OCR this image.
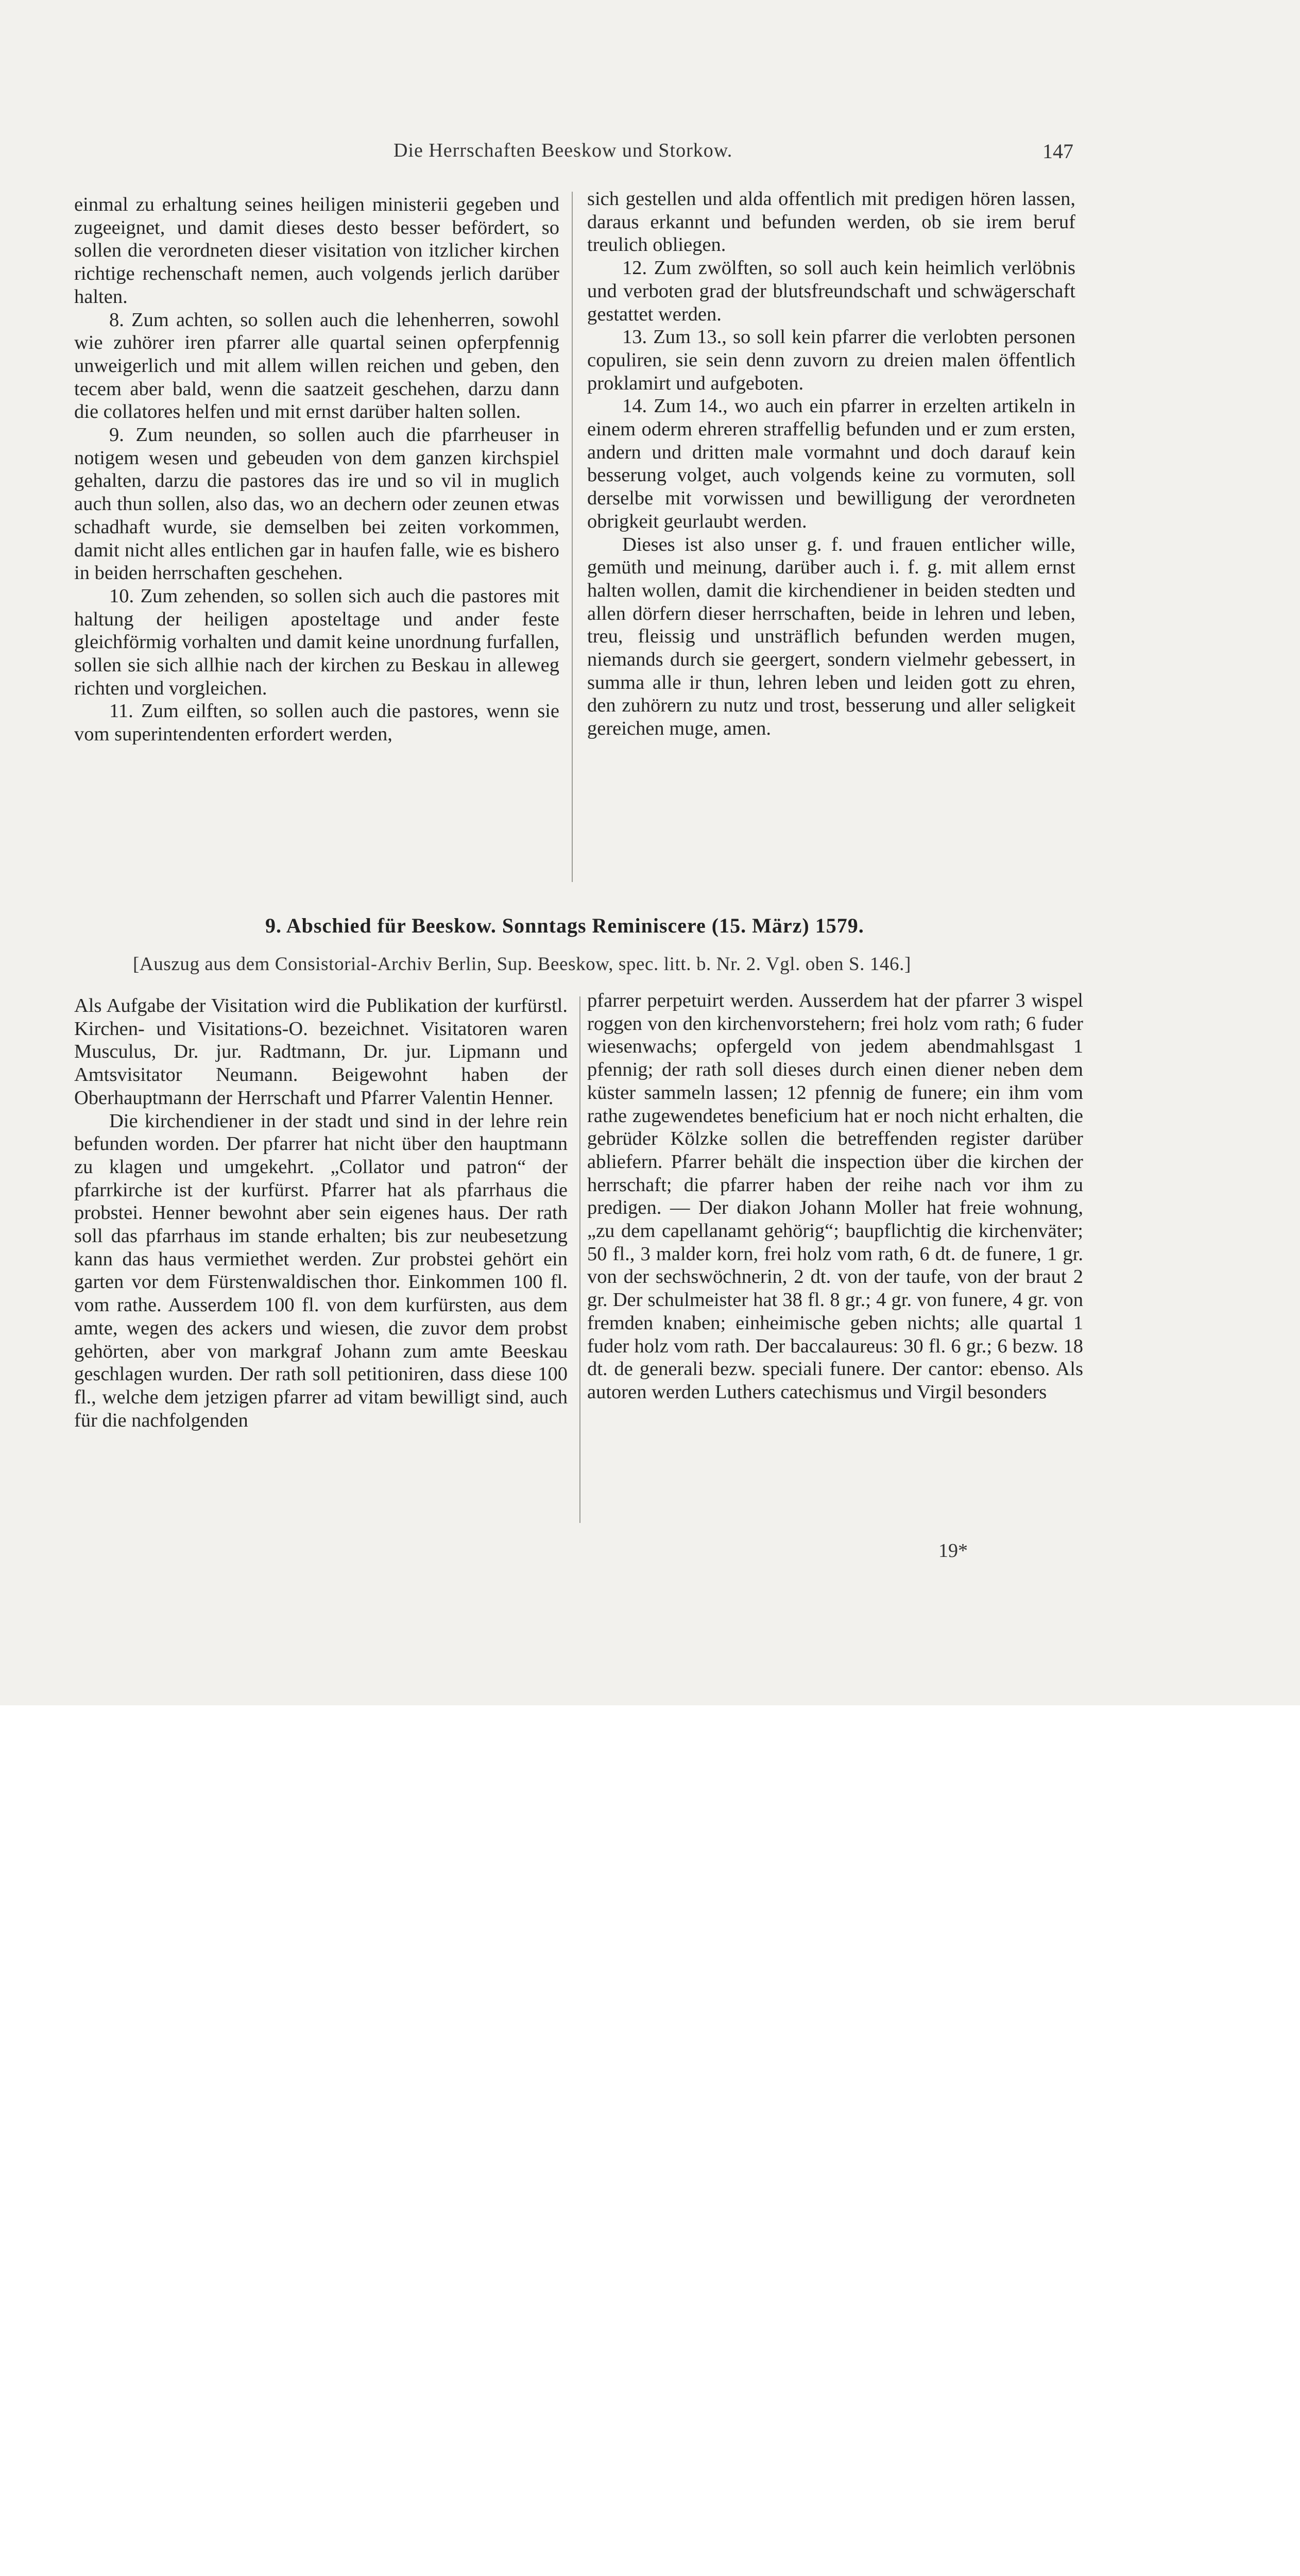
Die Herrschaften Beeskow und Storkow.	147

einmal zu erhaltung seines heiligen ministerii gegeben und zugeeignet, und damit dieses desto besser befördert, so sollen die verordneten dieser visitation von itzlicher kirchen richtige rechenschaft nemen, auch volgends jerlich darüber halten.

8. Zum achten, so sollen auch die lehenherren, sowohl wie zuhörer iren pfarrer alle quartal seinen opferpfennig unweigerlich und mit allem willen reichen und geben, den tecem aber bald, wenn die saatzeit geschehen, darzu dann die collatores helfen und mit ernst darüber halten sollen.

9. Zum neunden, so sollen auch die pfarrheuser in notigem wesen und gebeuden von dem ganzen kirchspiel gehalten, darzu die pastores das ire und so vil in muglich auch thun sollen, also das, wo an dechern oder zeunen etwas schadhaft wurde, sie demselben bei zeiten vorkommen, damit nicht alles entlichen gar in haufen falle, wie es bishero in beiden herrschaften geschehen.

10. Zum zehenden, so sollen sich auch die pastores mit haltung der heiligen aposteltage und ander feste gleichförmig vorhalten und damit keine unordnung furfallen, sollen sie sich allhie nach der kirchen zu Beskau in alleweg richten und vorgleichen.

11. Zum eilften, so sollen auch die pastores, wenn sie vom superintendenten erfordert werden,

sich gestellen und alda offentlich mit predigen hören lassen, daraus erkannt und befunden werden, ob sie irem beruf treulich obliegen.

12. Zum zwölften, so soll auch kein heimlich verlöbnis und verboten grad der blutsfreundschaft und schwägerschaft gestattet werden.

13. Zum 13., so soll kein pfarrer die verlobten personen copuliren, sie sein denn zuvorn zu dreien malen öffentlich proklamirt und aufgeboten.

14. Zum 14., wo auch ein pfarrer in erzelten artikeln in einem oderm ehreren straffellig befunden und er zum ersten, andern und dritten male vormahnt und doch darauf kein besserung volget, auch volgends keine zu vormuten, soll derselbe mit vorwissen und bewilligung der verordneten obrigkeit geurlaubt werden.

Dieses ist also unser g. f. und frauen entlicher wille, gemüth und meinung, darüber auch i. f. g. mit allem ernst halten wollen, damit die kirchendiener in beiden stedten und allen dörfern dieser herrschaften, beide in lehren und leben, treu, fleissig und unsträflich befunden werden mugen, niemands durch sie geergert, sondern vielmehr gebessert, in summa alle ir thun, lehren leben und leiden gott zu ehren, den zuhörern zu nutz und trost, besserung und aller seligkeit gereichen muge, amen.

9. Abschied für Beeskow. Sonntags Reminiscere (15. März) 1579.
[Auszug aus dem Consistorial-Archiv Berlin, Sup. Beeskow, spec. litt. b. Nr. 2. Vgl. oben S. 146.]

Als Aufgabe der Visitation wird die Publikation der kurfürstl. Kirchen- und Visitations-O. bezeichnet. Visitatoren waren Musculus, Dr. jur. Radtmann, Dr. jur. Lipmann und Amtsvisitator Neumann. Beigewohnt haben der Oberhauptmann der Herrschaft und Pfarrer Valentin Henner.

Die kirchendiener in der stadt und sind in der lehre rein befunden worden. Der pfarrer hat nicht über den hauptmann zu klagen und umgekehrt. „Collator und patron“ der pfarrkirche ist der kurfürst. Pfarrer hat als pfarrhaus die probstei. Henner bewohnt aber sein eigenes haus. Der rath soll das pfarrhaus im stande erhalten; bis zur neubesetzung kann das haus vermiethet werden. Zur probstei gehört ein garten vor dem Fürstenwaldischen thor. Einkommen 100 fl. vom rathe. Ausserdem 100 fl. von dem kurfürsten, aus dem amte, wegen des ackers und wiesen, die zuvor dem probst gehörten, aber von markgraf Johann zum amte Beeskau geschlagen wurden. Der rath soll petitioniren, dass diese 100 fl., welche dem jetzigen pfarrer ad vitam bewilligt sind, auch für die nachfolgenden

pfarrer perpetuirt werden. Ausserdem hat der pfarrer 3 wispel roggen von den kirchenvorstehern; frei holz vom rath; 6 fuder wiesenwachs; opfergeld von jedem abendmahlsgast 1 pfennig; der rath soll dieses durch einen diener neben dem küster sammeln lassen; 12 pfennig de funere; ein ihm vom rathe zugewendetes beneficium hat er noch nicht erhalten, die gebrüder Kölzke sollen die betreffenden register darüber abliefern. Pfarrer behält die inspection über die kirchen der herrschaft; die pfarrer haben der reihe nach vor ihm zu predigen. — Der diakon Johann Moller hat freie wohnung, „zu dem capellanamt gehörig“; baupflichtig die kirchenväter; 50 fl., 3 malder korn, frei holz vom rath, 6 dt. de funere, 1 gr. von der sechswöchnerin, 2 dt. von der taufe, von der braut 2 gr. Der schulmeister hat 38 fl. 8 gr.; 4 gr. von funere, 4 gr. von fremden knaben; einheimische geben nichts; alle quartal 1 fuder holz vom rath. Der baccalaureus: 30 fl. 6 gr.; 6 bezw. 18 dt. de generali bezw. speciali funere. Der cantor: ebenso. Als autoren werden Luthers catechismus und Virgil besonders

19*
